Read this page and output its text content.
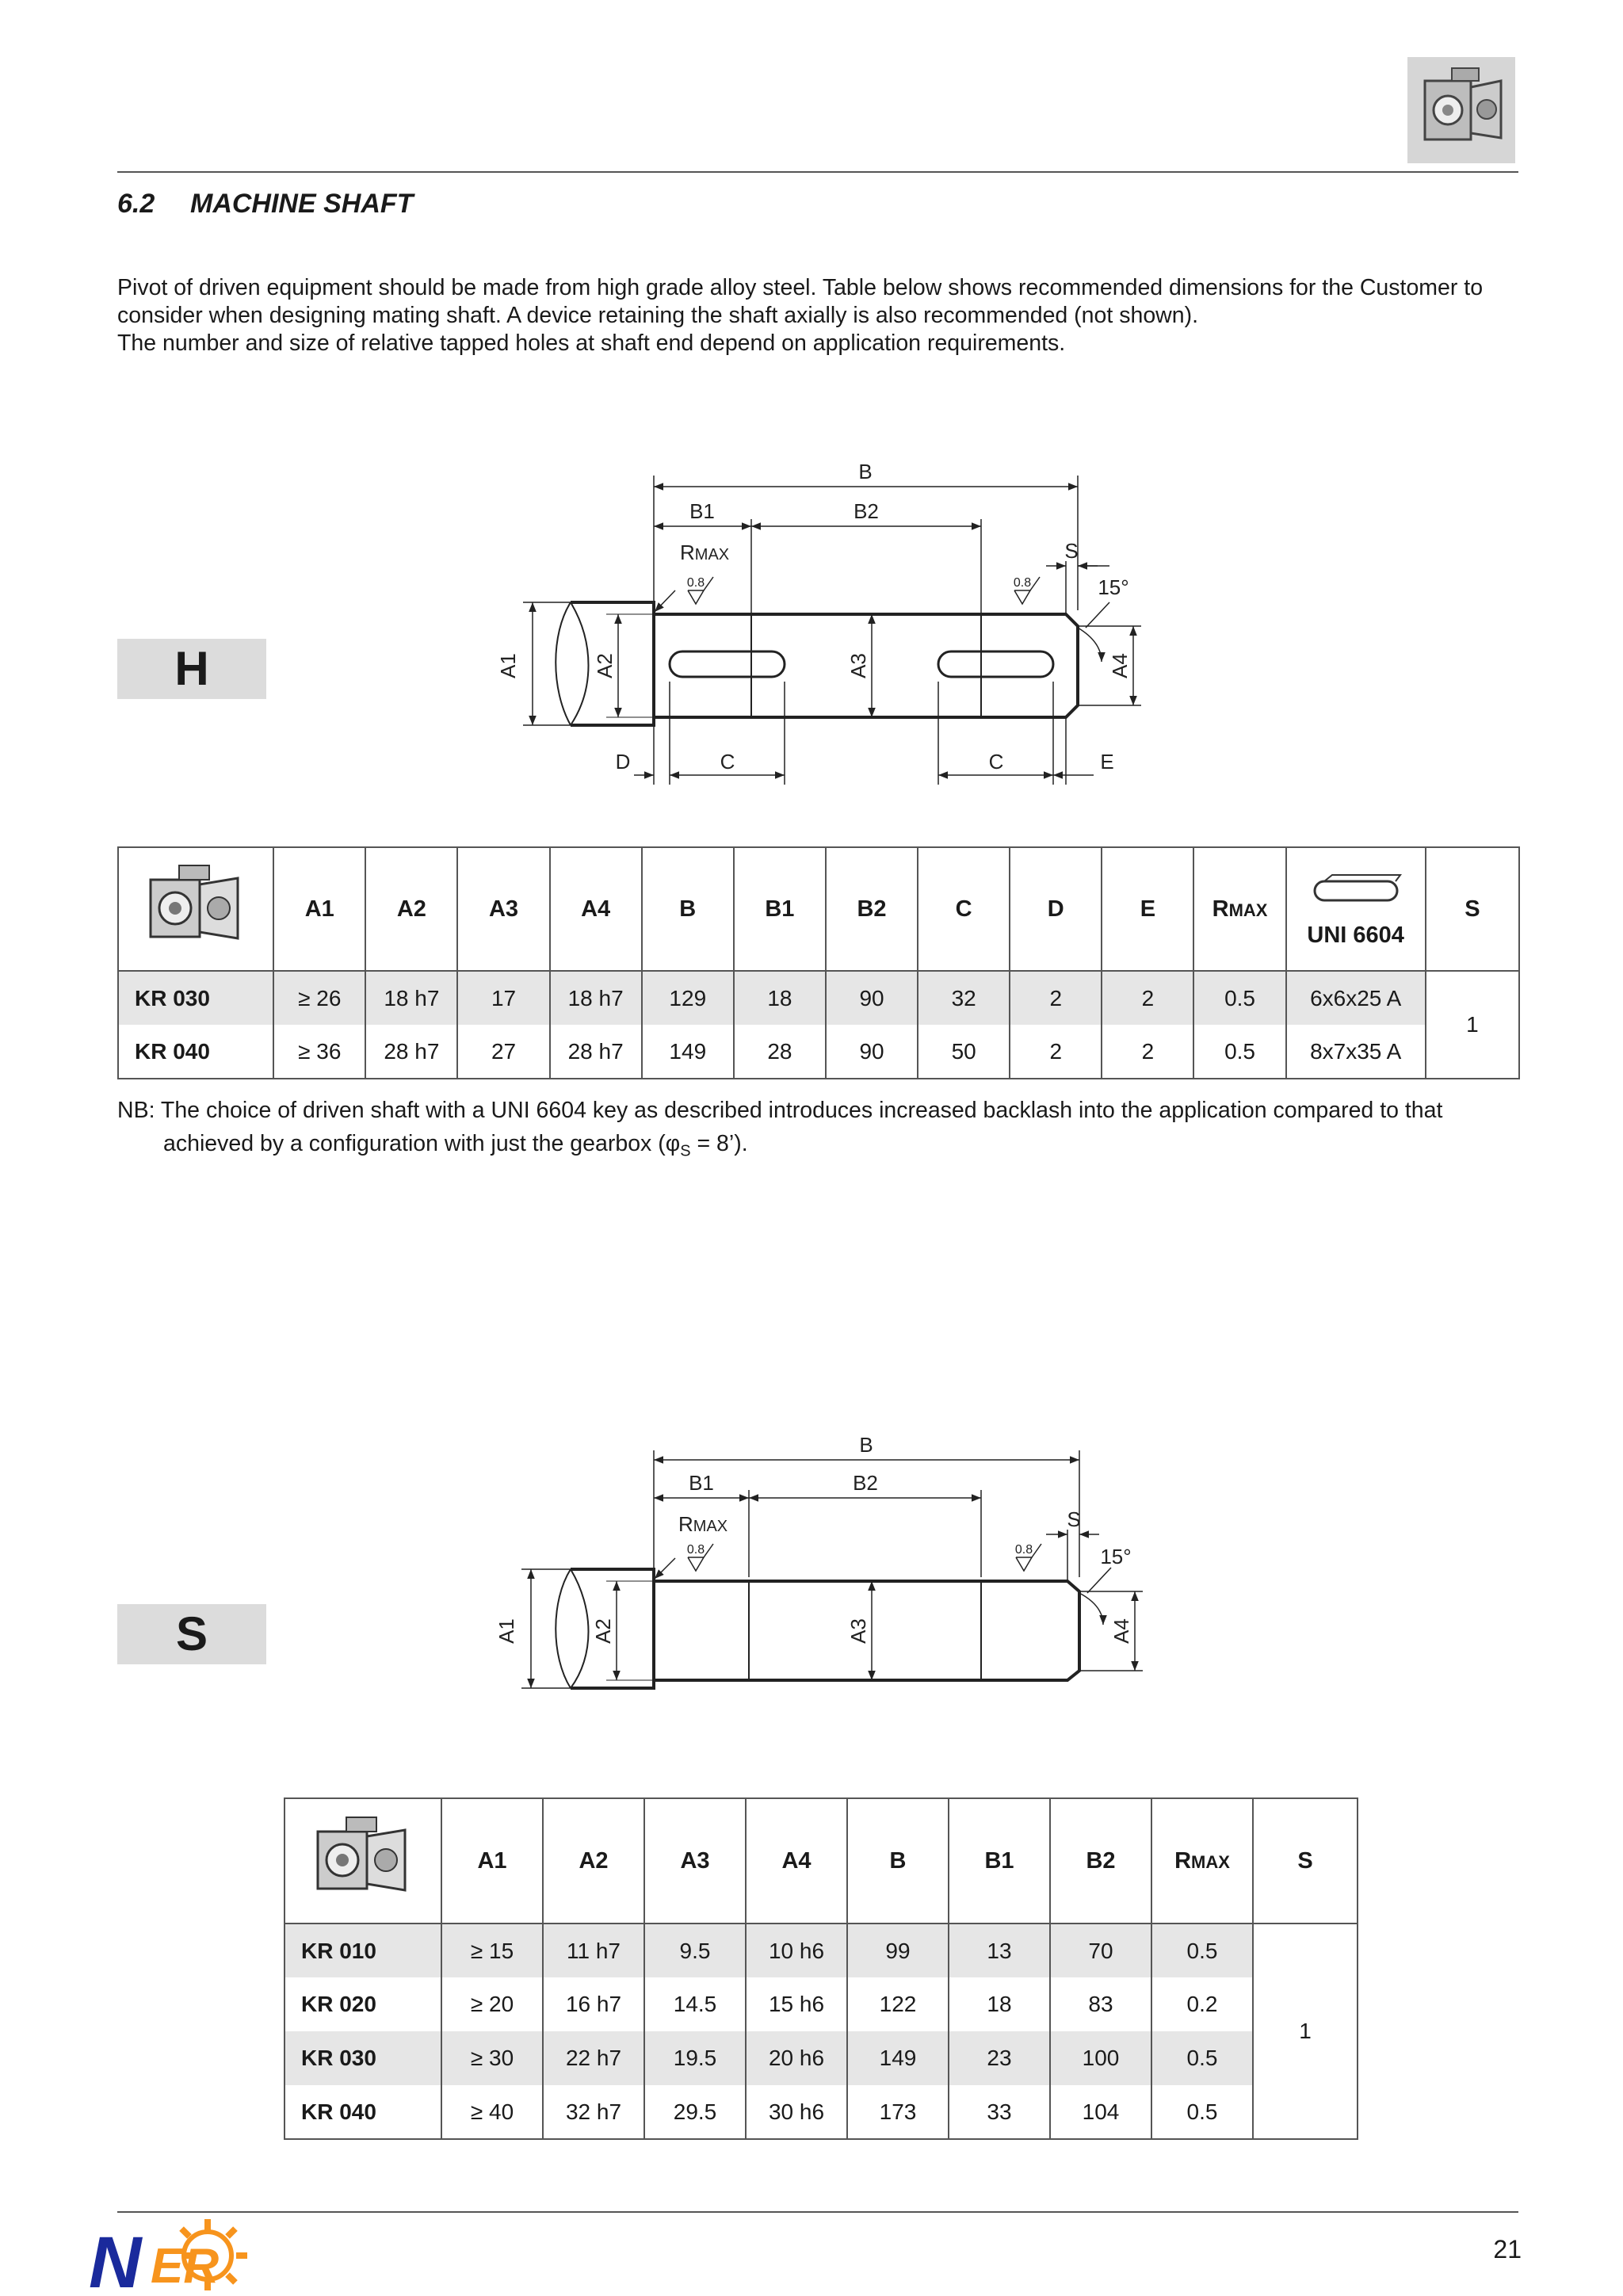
6.2 MACHINE SHAFT

Pivot of driven equipment should be made from high grade alloy steel. Table below shows recommended dimensions for the Customer to consider when designing mating shaft. A device retaining the shaft axially is also recommended (not shown).

The number and size of relative tapped holes at shaft end depend on application requirements.

H
B
B1	B2
RMAX
0.8	0.8
S
15°
A1	A2	A3	A4
D	C	C	E
	A1	A2	A3	A4	B	B1	B2	C	D	E	RMAX	UNI 6604	S
KR 030	≥ 26	18 h7	17	18 h7	129	18	90	32	2	2	0.5	6x6x25 A	1
KR 040	≥ 36	28 h7	27	28 h7	149	28	90	50	2	2	0.5	8x7x35 A	
NB: The choice of driven shaft with a UNI 6604 key as described introduces increased backlash into the application compared to that
achieved by a configuration with just the gearbox ($\varphi_S$ = 8’).
S
B
B1	B2
RMAX
0.8	0.8
S
15°
A1	A2	A3	A4
	A1	A2	A3	A4	B	B1	B2	RMAX	S
KR 010	≥ 15	11 h7	9.5	10 h6	99	13	70	0.5	1
KR 020	≥ 20	16 h7	14.5	15 h6	122	18	83	0.2	
KR 030	≥ 30	22 h7	19.5	20 h6	149	23	100	0.5	
KR 040	≥ 40	32 h7	29.5	30 h6	173	33	104	0.5	
N ER	21
